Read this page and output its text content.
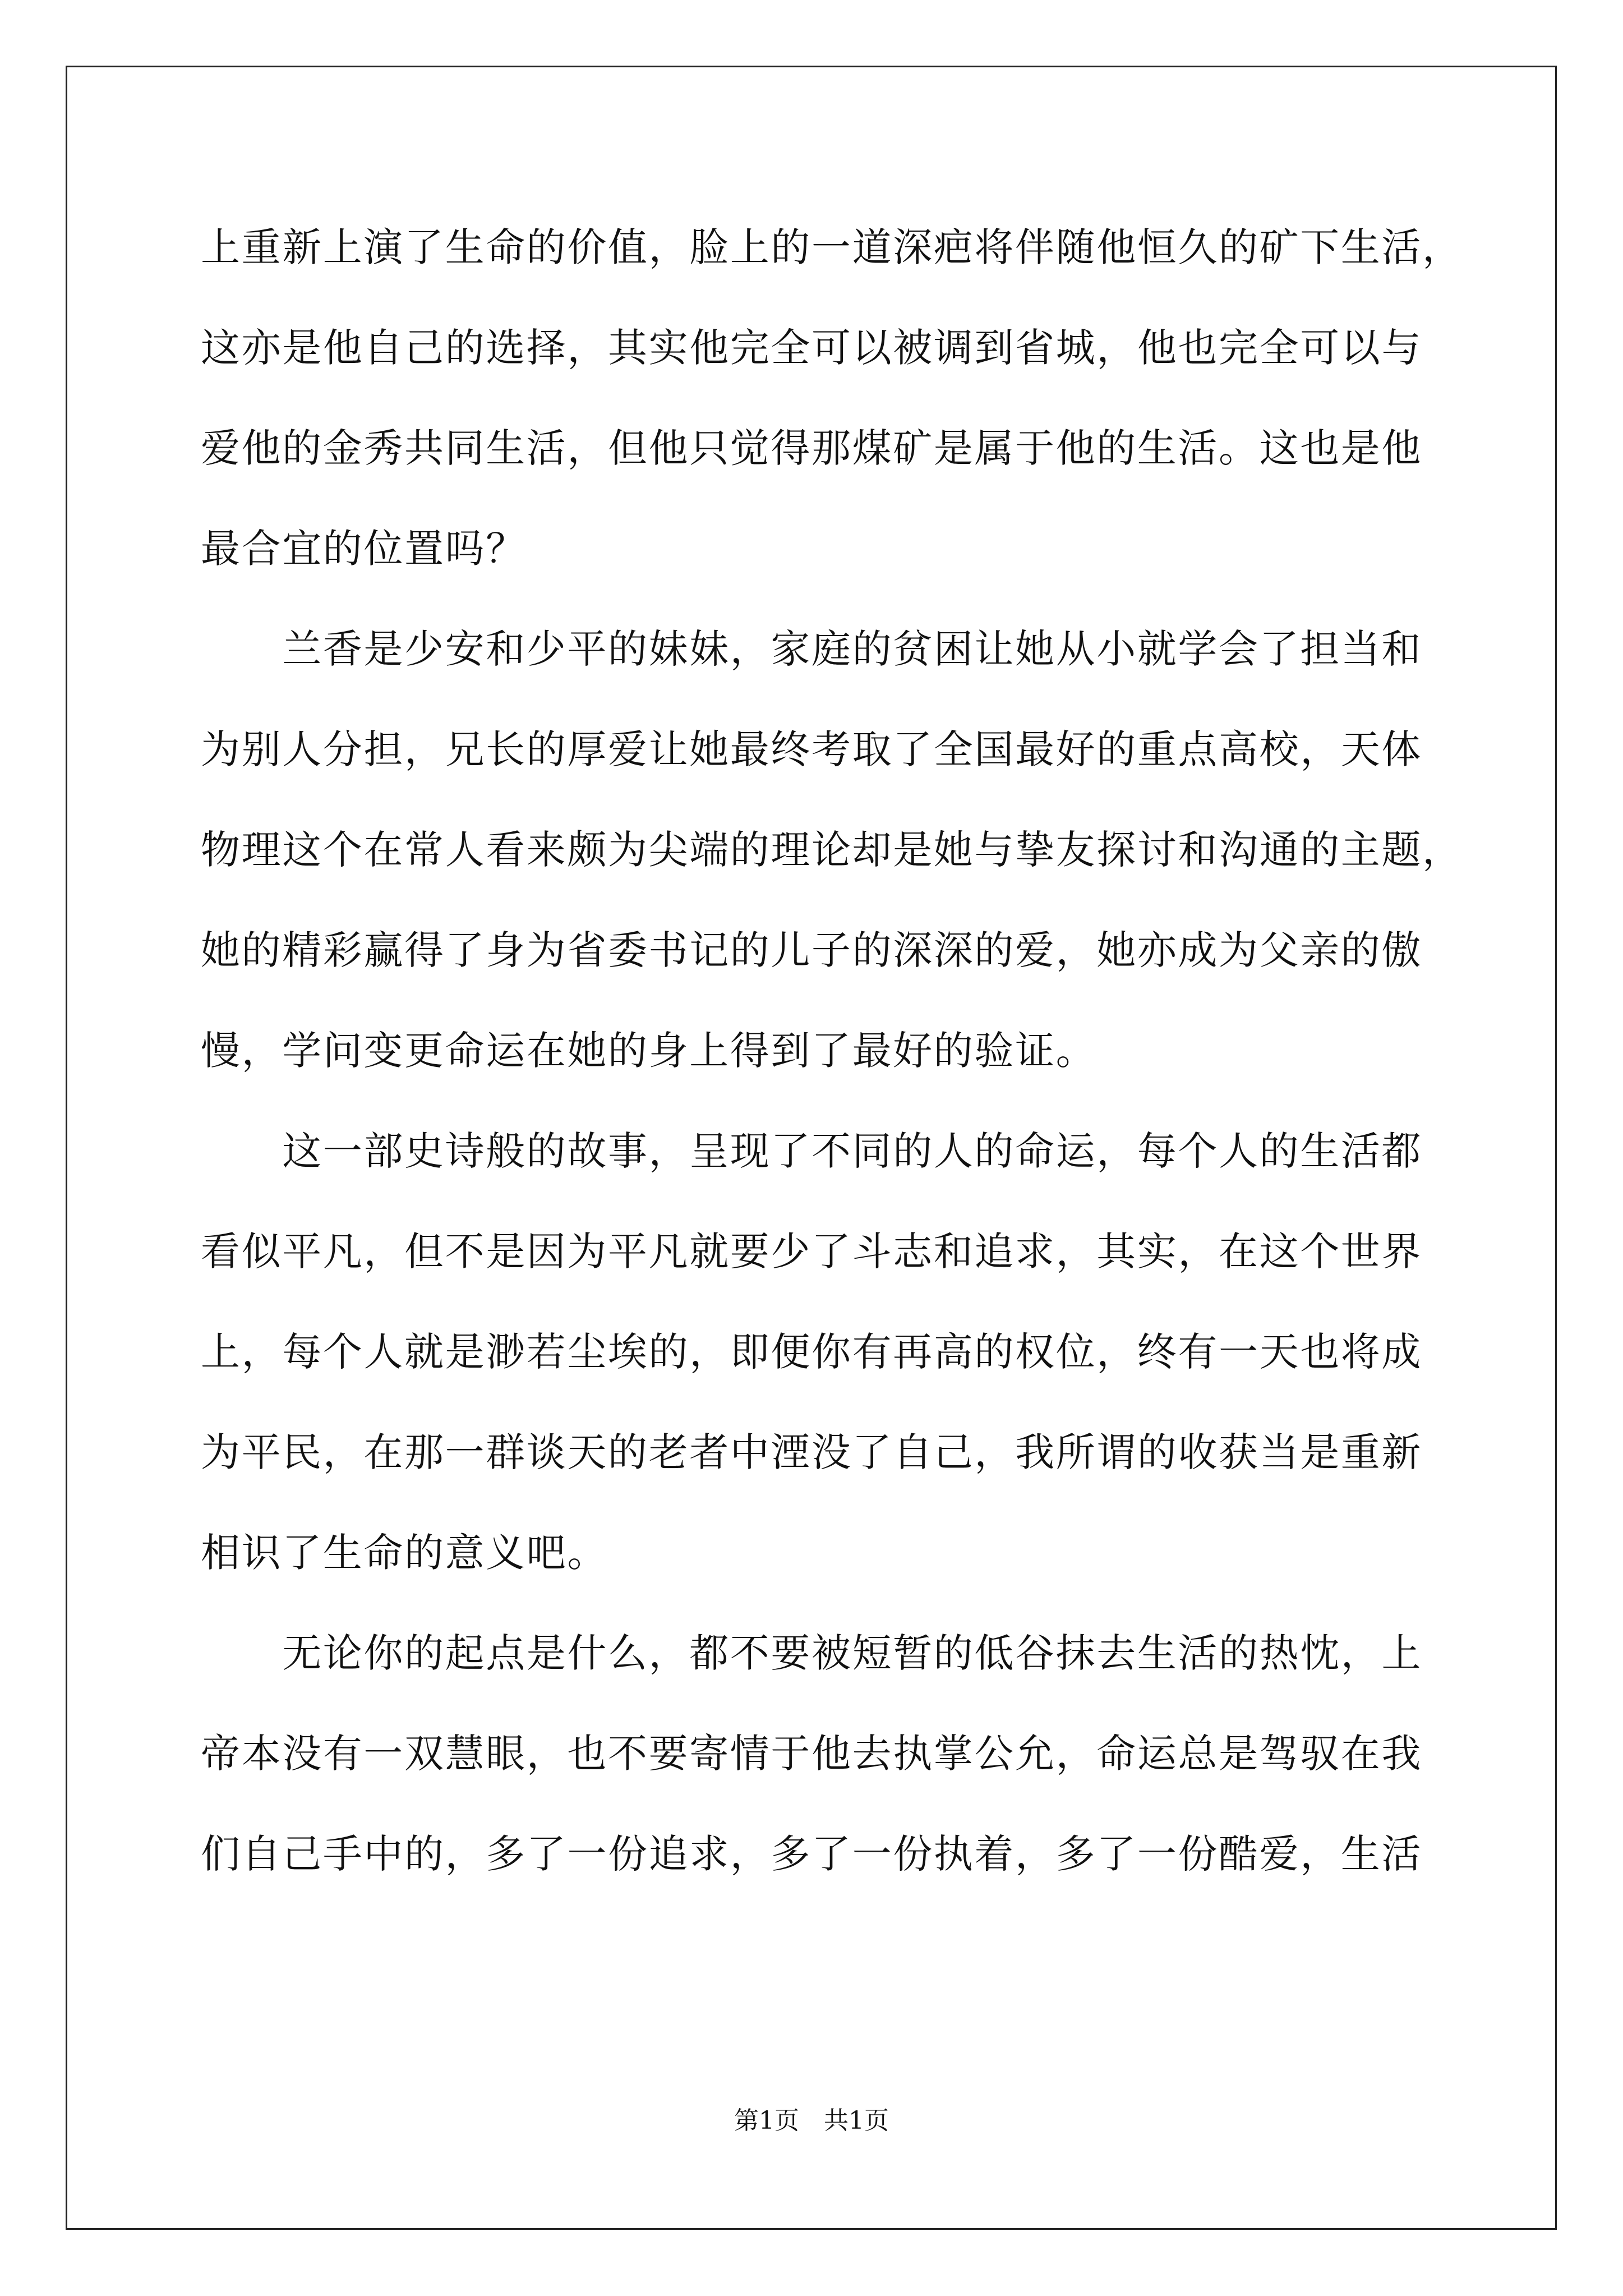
上重新上演了生命的价值，脸上的一道深疤将伴随他恒久的矿下生活，
这亦是他自己的选择，其实他完全可以被调到省城，他也完全可以与
爱他的金秀共同生活，但他只觉得那煤矿是属于他的生活。这也是他
最合宜的位置吗？
　　兰香是少安和少平的妹妹，家庭的贫困让她从小就学会了担当和
为别人分担，兄长的厚爱让她最终考取了全国最好的重点高校，天体
物理这个在常人看来颇为尖端的理论却是她与挚友探讨和沟通的主题，
她的精彩赢得了身为省委书记的儿子的深深的爱，她亦成为父亲的傲
慢，学问变更命运在她的身上得到了最好的验证。
　　这一部史诗般的故事，呈现了不同的人的命运，每个人的生活都
看似平凡，但不是因为平凡就要少了斗志和追求，其实，在这个世界
上，每个人就是渺若尘埃的，即便你有再高的权位，终有一天也将成
为平民，在那一群谈天的老者中湮没了自己，我所谓的收获当是重新
相识了生命的意义吧。
　　无论你的起点是什么，都不要被短暂的低谷抹去生活的热忱，上
帝本没有一双慧眼，也不要寄情于他去执掌公允，命运总是驾驭在我
们自己手中的，多了一份追求，多了一份执着，多了一份酷爱，生活
第1页　共1页
